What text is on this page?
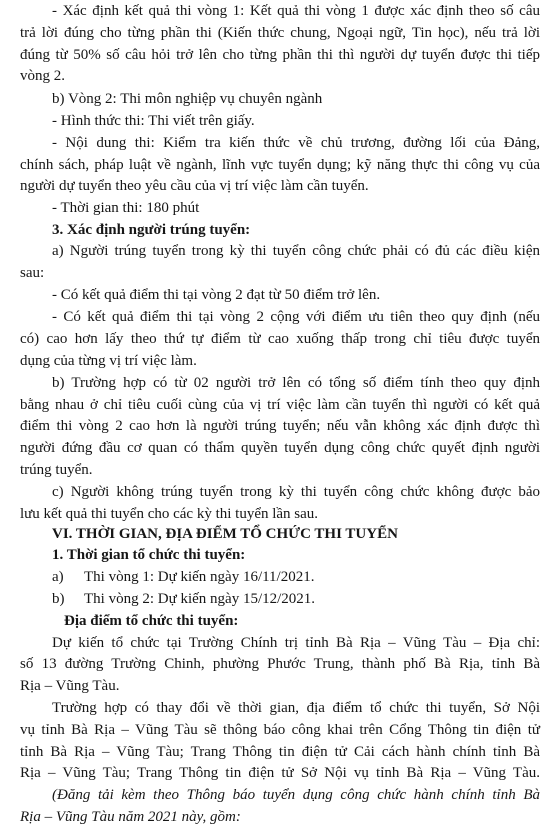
- Xác định kết quả thi vòng 1: Kết quả thi vòng 1 được xác định theo số câu
trả lời đúng cho từng phần thi (Kiến thức chung, Ngoại ngữ, Tin học), nếu trả lời
đúng từ 50% số câu hỏi trở lên cho từng phần thi thì người dự tuyển được thi tiếp
vòng 2.
b) Vòng 2: Thi môn nghiệp vụ chuyên ngành
- Hình thức thi: Thi viết trên giấy.
- Nội dung thi: Kiểm tra kiến thức về chủ trương, đường lối của Đảng,
chính sách, pháp luật về ngành, lĩnh vực tuyển dụng; kỹ năng thực thi công vụ của
người dự tuyển theo yêu cầu của vị trí việc làm cần tuyển.
- Thời gian thi: 180 phút
3. Xác định người trúng tuyển:
a) Người trúng tuyển trong kỳ thi tuyển công chức phải có đủ các điều kiện
sau:
- Có kết quả điểm thi tại vòng 2 đạt từ 50 điểm trở lên.
- Có kết quả điểm thi tại vòng 2 cộng với điểm ưu tiên theo quy định (nếu
có) cao hơn lấy theo thứ tự điểm từ cao xuống thấp trong chỉ tiêu được tuyển
dụng của từng vị trí việc làm.
b) Trường hợp có từ 02 người trở lên có tổng số điểm tính theo quy định
bằng nhau ở chỉ tiêu cuối cùng của vị trí việc làm cần tuyển thì người có kết quả
điểm thi vòng 2 cao hơn là người trúng tuyển; nếu vẫn không xác định được thì
người đứng đầu cơ quan có thẩm quyền tuyển dụng công chức quyết định người
trúng tuyển.
c) Người không trúng tuyển trong kỳ thi tuyển công chức không được bảo
lưu kết quả thi tuyển cho các kỳ thi tuyển lần sau.
VI. THỜI GIAN, ĐỊA ĐIỂM TỔ CHỨC THI TUYỂN
1. Thời gian tổ chức thi tuyển:
a) Thi vòng 1: Dự kiến ngày 16/11/2021.
b) Thi vòng 2: Dự kiến ngày 15/12/2021.
Địa điểm tổ chức thi tuyển:
Dự kiến tổ chức tại Trường Chính trị tỉnh Bà Rịa – Vũng Tàu – Địa chỉ:
số 13 đường Trường Chinh, phường Phước Trung, thành phố Bà Rịa, tỉnh Bà
Rịa – Vũng Tàu.
Trường hợp có thay đổi về thời gian, địa điểm tổ chức thi tuyển, Sở Nội
vụ tỉnh Bà Rịa – Vũng Tàu sẽ thông báo công khai trên Cổng Thông tin điện tử
tỉnh Bà Rịa – Vũng Tàu; Trang Thông tin điện tử Cải cách hành chính tỉnh Bà
Rịa – Vũng Tàu; Trang Thông tin điện tử Sở Nội vụ tỉnh Bà Rịa – Vũng Tàu.
(Đăng tải kèm theo Thông báo tuyển dụng công chức hành chính tỉnh Bà
Rịa – Vũng Tàu năm 2021 này, gồm:
